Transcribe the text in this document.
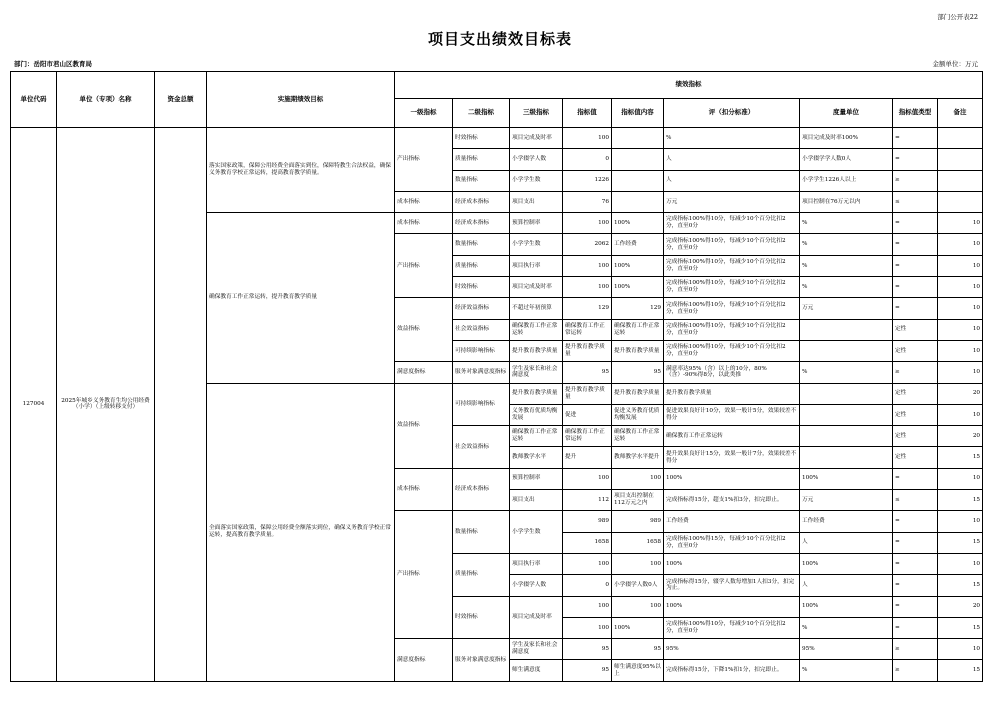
部门公开表22
项目支出绩效目标表
部门：岳阳市君山区教育局	金额单位：万元
单位代码	单位（专项）名称	资金总额	实施期绩效目标	绩效指标								
				一级指标	二级指标	三级指标	指标值	指标值内容	评（扣分标准）	度量单位	指标值类型	备注
127004	2025年城乡义务教育生均公用经费（小学）（上级转移支付）		落实国家政策，保障公用经费全面落实到位，保障特教生合法权益，确保义务教育学校正常运转，提高教育教学质量。	产出指标	时效指标	项目完成及时率	100		%	项目完成及时率100%	=	
					质量指标	小学辍学人数	0		人	小学辍学学人数0人	=	
					数量指标	小学学生数	1226		人	小学学生1226人以上	≥	
				成本指标	经济成本指标	项目支出	76		万元	项目控制在76万元以内	≤	
			确保教育工作正常运转，提升教育教学质量	成本指标	经济成本指标	预算控制率	100	100%	完成指标100%得10分，每减少10个百分比扣2分，直至0分	%	=	10
				产出指标	数量指标	小学学生数	2062	工作经费	完成指标100%得10分，每减少10个百分比扣2分，直至0分	%	=	10
					质量指标	项目执行率	100	100%	完成指标100%得10分，每减少10个百分比扣2分，直至0分	%	=	10
					时效指标	项目完成及时率	100	100%	完成指标100%得10分，每减少10个百分比扣2分，直至0分	%	=	10
				效益指标	经济效益指标	不超过年初预算	129	129	完成指标100%得10分，每减少10个百分比扣2分，直至0分	万元	=	10
					社会效益指标	确保教育工作正常运转	确保教育工作正常运转	确保教育工作正常运转	完成指标100%得10分，每减少10个百分比扣2分，直至0分		定性	10
					可持续影响指标	提升教育教学质量	提升教育教学质量	提升教育教学质量	完成指标100%得10分，每减少10个百分比扣2分，直至0分		定性	10
				满意度指标	服务对象满意度指标	学生及家长和社会满意度	95	95	满意率达95%（含）以上的10分，80%（含）-90%得8分，以此类推	%	≥	10
			全面落实国家政策，保障公用经费全额落实到位，确保义务教育学校正常运转，提高教育教学质量。	效益指标	可持续影响指标	提升教育教学质量	提升教育教学质量	提升教育教学质量	提升教育教学质量		定性	20
						义务教育优质均衡发展	促进	促进义务教育优质均衡发展	促进效果良好计10分，效果一般计5分，效果较差不得分		定性	10
					社会效益指标	确保教育工作正常运转	确保教育工作正常运转	确保教育工作正常运转	确保教育工作正常运转		定性	20
						教师教学水平	提升	教师教学水平提升	提升效果良好计15分，效果一般计7分，效果较差不得分		定性	15
				成本指标	经济成本指标	预算控制率	100	100	100%	100%	=	10
						项目支出	112	项目支出控制在112万元之内	完成指标得15分，超支1%扣3分，扣完即止。	万元	≤	15
				产出指标	数量指标	小学学生数	989	989	工作经费	工作经费	=	10
							1658	1658	完成指标100%得15分，每减少10个百分比扣2分，直至0分	人	=	15
					质量指标	项目执行率	100	100	100%	100%	=	10
						小学辍学人数	0	小学辍学人数0人	完成指标得15分，辍学人数每增加1人扣3分，扣完为止。	人	=	15
					时效指标	项目完成及时率	100	100	100%	100%	=	20
							100	100%	完成指标100%得10分，每减少10个百分比扣2分，直至0分	%	=	15
				满意度指标	服务对象满意度指标	学生及家长和社会满意度	95	95	95%	95%	≥	10
						师生满意度	95	师生满意度95%以上	完成指标得15分，下降1%扣1分，扣完即止。	%	≥	15
